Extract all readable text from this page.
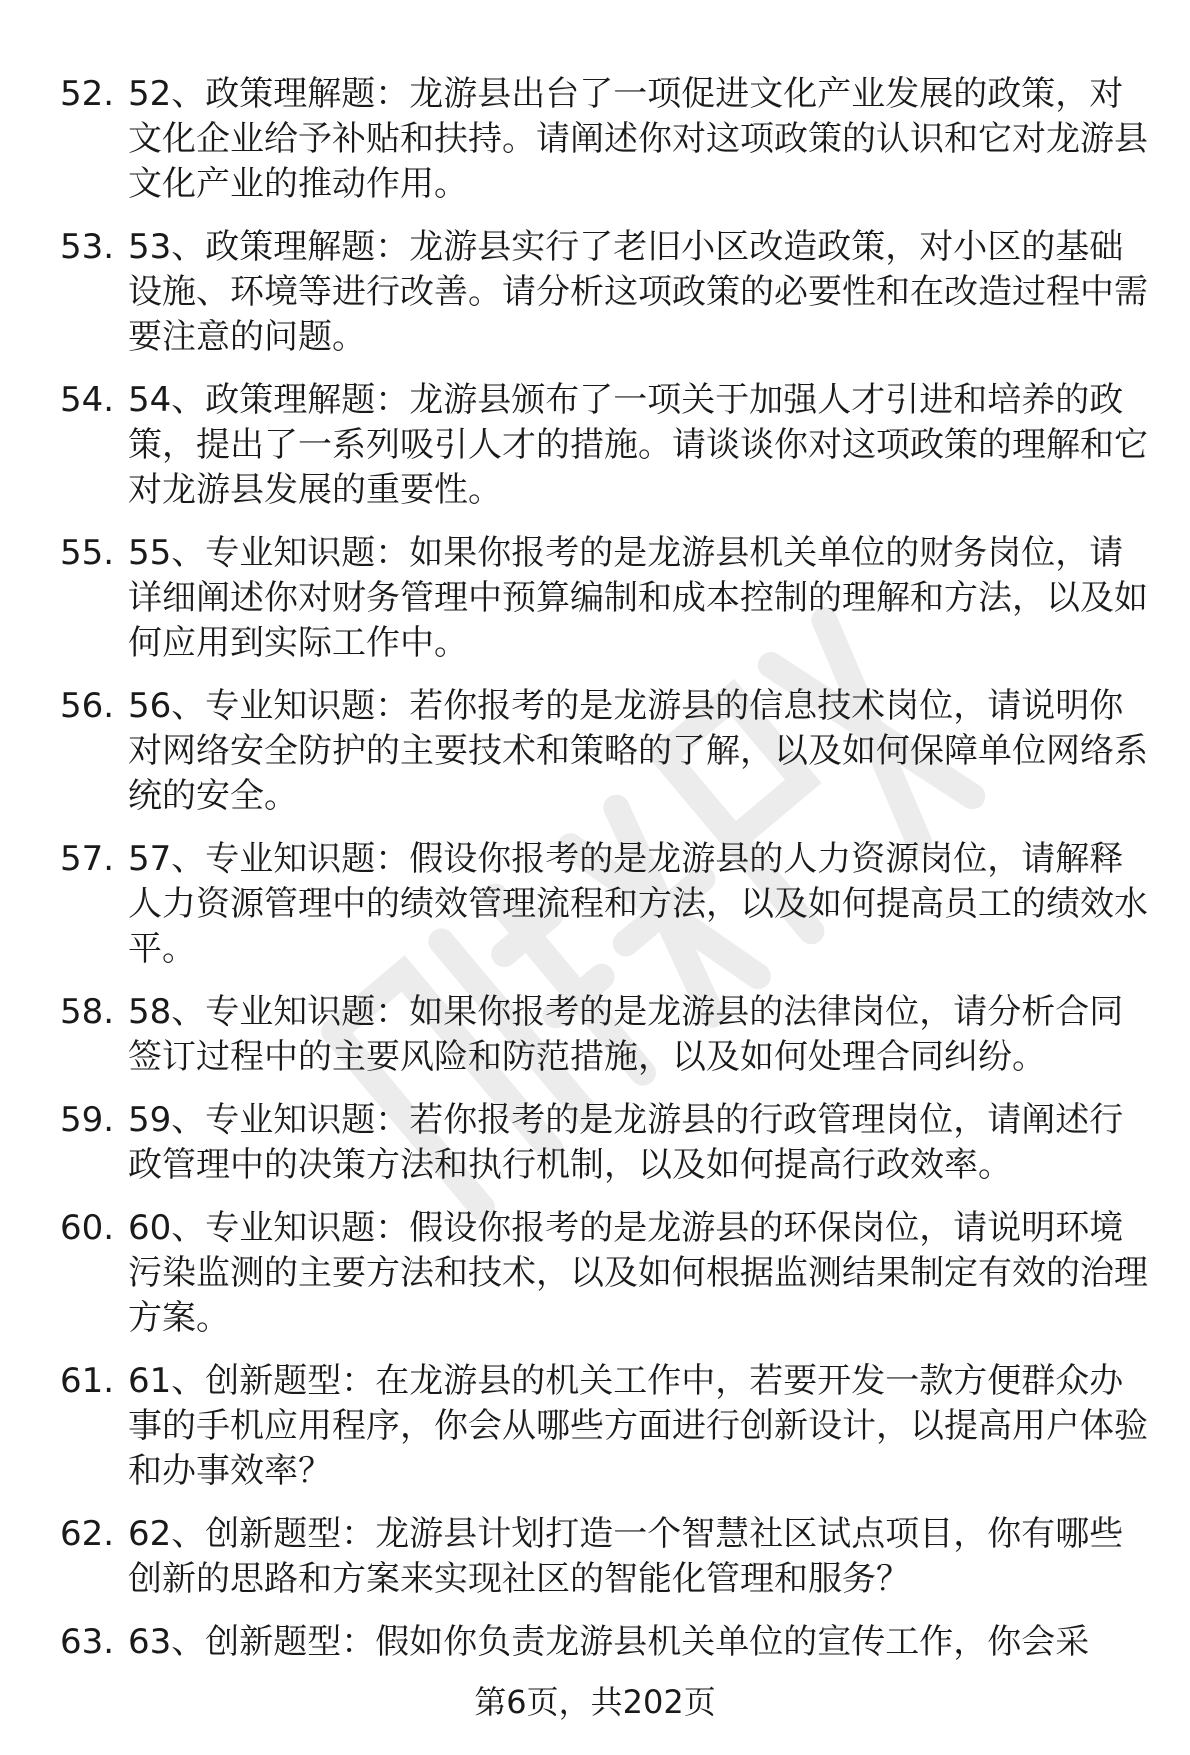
52. 52、政策理解题：龙游县出台了一项促进文化产业发展的政策，对文化企业给予补贴和扶持。请阐述你对这项政策的认识和它对龙游县文化产业的推动作用。
53. 53、政策理解题：龙游县实行了老旧小区改造政策，对小区的基础设施、环境等进行改善。请分析这项政策的必要性和在改造过程中需要注意的问题。
54. 54、政策理解题：龙游县颁布了一项关于加强人才引进和培养的政策，提出了一系列吸引人才的措施。请谈谈你对这项政策的理解和它对龙游县发展的重要性。
55. 55、专业知识题：如果你报考的是龙游县机关单位的财务岗位，请详细阐述你对财务管理中预算编制和成本控制的理解和方法，以及如何应用到实际工作中。
56. 56、专业知识题：若你报考的是龙游县的信息技术岗位，请说明你对网络安全防护的主要技术和策略的了解，以及如何保障单位网络系统的安全。
57. 57、专业知识题：假设你报考的是龙游县的人力资源岗位，请解释人力资源管理中的绩效管理流程和方法，以及如何提高员工的绩效水平。
58. 58、专业知识题：如果你报考的是龙游县的法律岗位，请分析合同签订过程中的主要风险和防范措施，以及如何处理合同纠纷。
59. 59、专业知识题：若你报考的是龙游县的行政管理岗位，请阐述行政管理中的决策方法和执行机制，以及如何提高行政效率。
60. 60、专业知识题：假设你报考的是龙游县的环保岗位，请说明环境污染监测的主要方法和技术，以及如何根据监测结果制定有效的治理方案。
61. 61、创新题型：在龙游县的机关工作中，若要开发一款方便群众办事的手机应用程序，你会从哪些方面进行创新设计，以提高用户体验和办事效率？
62. 62、创新题型：龙游县计划打造一个智慧社区试点项目，你有哪些创新的思路和方案来实现社区的智能化管理和服务？
63. 63、创新题型：假如你负责龙游县机关单位的宣传工作，你会采
第6页，共202页
